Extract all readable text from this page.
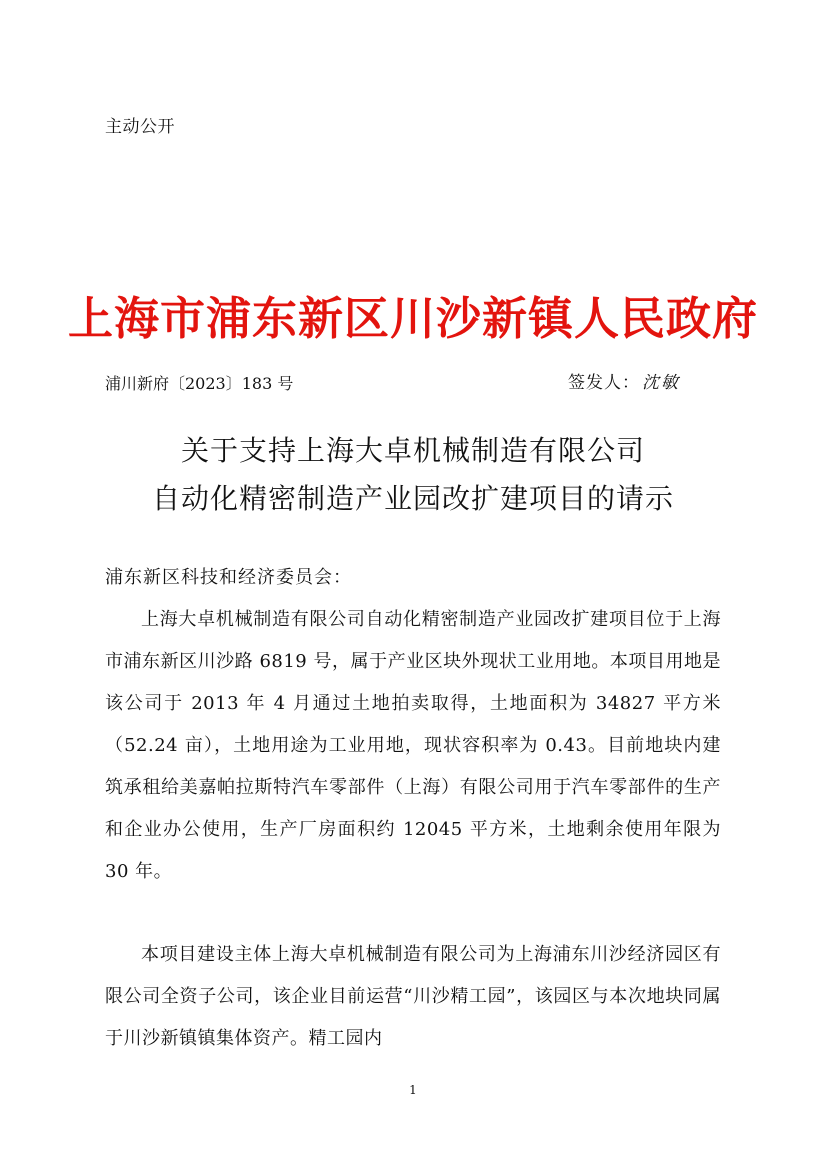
主动公开
上海市浦东新区川沙新镇人民政府
浦川新府〔2023〕183 号	签发人： 沈敏
关于支持上海大卓机械制造有限公司
自动化精密制造产业园改扩建项目的请示
浦东新区科技和经济委员会：
上海大卓机械制造有限公司自动化精密制造产业园改扩建项目位于上海市浦东新区川沙路 6819 号，属于产业区块外现状工业用地。本项目用地是该公司于 2013 年 4 月通过土地拍卖取得，土地面积为 34827 平方米（52.24 亩），土地用途为工业用地，现状容积率为 0.43。目前地块内建筑承租给美嘉帕拉斯特汽车零部件（上海）有限公司用于汽车零部件的生产和企业办公使用，生产厂房面积约 12045 平方米，土地剩余使用年限为 30 年。
本项目建设主体上海大卓机械制造有限公司为上海浦东川沙经济园区有限公司全资子公司，该企业目前运营“川沙精工园”，该园区与本次地块同属于川沙新镇镇集体资产。精工园内
1
